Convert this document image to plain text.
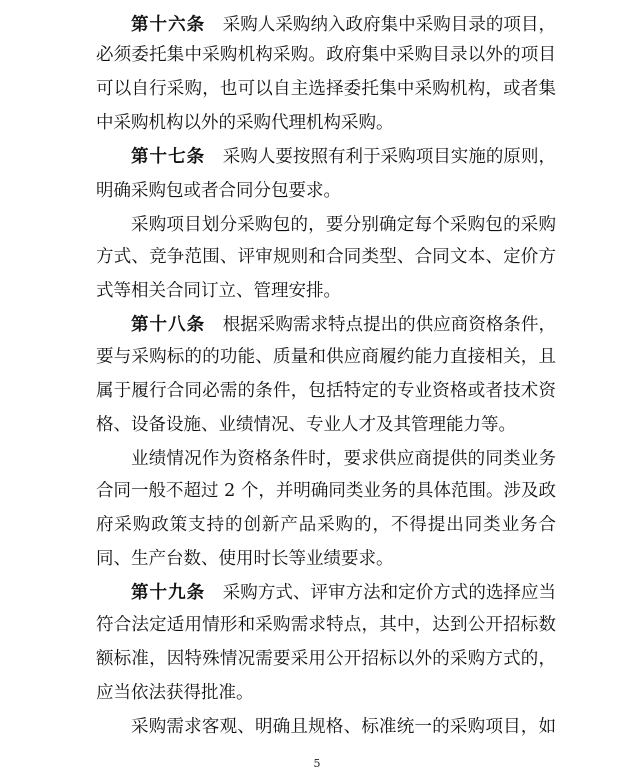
第十六条　 采购人采购纳入政府集中采购目录的项目，
必须委托集中采购机构采购。政府集中采购目录以外的项目
可以自行采购，也可以自主选择委托集中采购机构，或者集
中采购机构以外的采购代理机构采购。
第十七条　 采购人要按照有利于采购项目实施的原则，
明确采购包或者合同分包要求。
采购项目划分采购包的，要分别确定每个采购包的采购
方式、竞争范围、评审规则和合同类型、合同文本、定价方
式等相关合同订立、管理安排。
第十八条　 根据采购需求特点提出的供应商资格条件，
要与采购标的的功能、质量和供应商履约能力直接相关，且
属于履行合同必需的条件，包括特定的专业资格或者技术资
格、设备设施、业绩情况、专业人才及其管理能力等。
业绩情况作为资格条件时，要求供应商提供的同类业务
合同一般不超过 2 个，并明确同类业务的具体范围。涉及政
府采购政策支持的创新产品采购的，不得提出同类业务合
同、生产台数、使用时长等业绩要求。
第十九条　 采购方式、评审方法和定价方式的选择应当
符合法定适用情形和采购需求特点，其中，达到公开招标数
额标准，因特殊情况需要采用公开招标以外的采购方式的，
应当依法获得批准。
采购需求客观、明确且规格、标准统一的采购项目，如
5
